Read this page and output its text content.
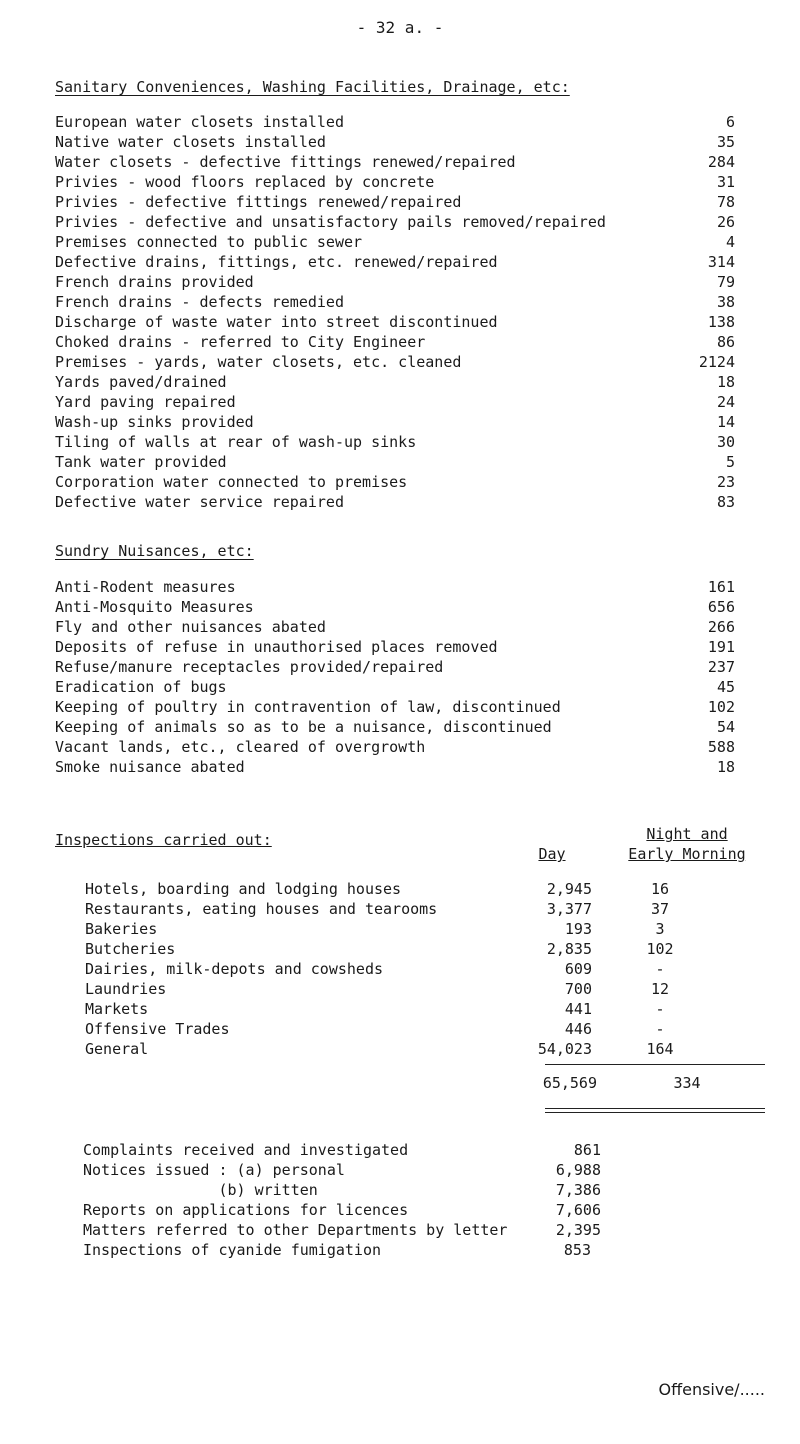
- 32 a. -
Sanitary Conveniences, Washing Facilities, Drainage, etc:
European water closets installed	6
Native water closets installed	35
Water closets - defective fittings renewed/repaired	284
Privies - wood floors replaced by concrete	31
Privies - defective fittings renewed/repaired	78
Privies - defective and unsatisfactory pails removed/repaired	26
Premises connected to public sewer	4
Defective drains, fittings, etc. renewed/repaired	314
French drains provided	79
French drains - defects remedied	38
Discharge of waste water into street discontinued	138
Choked drains - referred to City Engineer	86
Premises - yards, water closets, etc. cleaned	2124
Yards paved/drained	18
Yard paving repaired	24
Wash-up sinks provided	14
Tiling of walls at rear of wash-up sinks	30
Tank water provided	5
Corporation water connected to premises	23
Defective water service repaired	83
Sundry Nuisances, etc:
Anti-Rodent measures	161
Anti-Mosquito Measures	656
Fly and other nuisances abated	266
Deposits of refuse in unauthorised places removed	191
Refuse/manure receptacles provided/repaired	237
Eradication of bugs	45
Keeping of poultry in contravention of law, discontinued	102
Keeping of animals so as to be a nuisance, discontinued	54
Vacant lands, etc., cleared of overgrowth	588
Smoke nuisance abated	18
Inspections carried out:
Day
Night and
Early Morning
Hotels, boarding and lodging houses	2,945	16
Restaurants, eating houses and tearooms	3,377	37
Bakeries	193	3
Butcheries	2,835	102
Dairies, milk-depots and cowsheds	609	-
Laundries	700	12
Markets	441	-
Offensive Trades	446	-
General	54,023	164
65,569	334
Complaints received and investigated	861
Notices issued : (a) personal	6,988
(b) written	7,386
Reports on applications for licences	7,606
Matters referred to other Departments by letter	2,395
Inspections of cyanide fumigation	853
Offensive/.....
